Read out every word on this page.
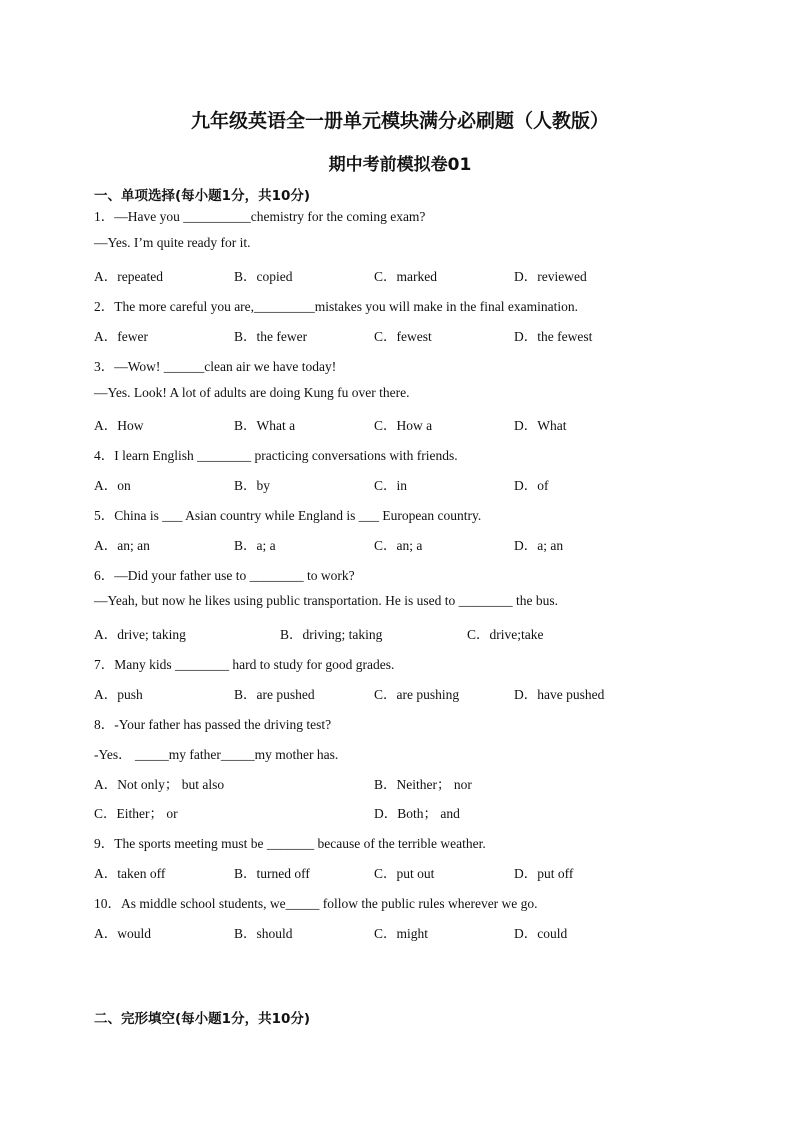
九年级英语全一册单元模块满分必刷题（人教版）
期中考前模拟卷01
一、单项选择(每小题1分，共10分)
1．—Have you __________chemistry for the coming exam?
—Yes. I’m quite ready for it.
A．repeated	B．copied	C．marked	D．reviewed
2．The more careful you are,_________mistakes you will make in the final examination.
A．fewer	B．the fewer	C．fewest	D．the fewest
3．—Wow! ______clean air we have today!
—Yes. Look! A lot of adults are doing Kung fu over there.
A．How	B．What a	C．How a	D．What
4．I learn English ________ practicing conversations with friends.
A．on	B．by	C．in	D．of
5．China is ___ Asian country while England is ___ European country.
A．an; an	B．a; a	C．an; a	D．a; an
6．—Did your father use to ________ to work?
—Yeah, but now he likes using public transportation. He is used to ________ the bus.
A．drive; taking	B．driving; taking	C．drive;take
7．Many kids ________ hard to study for good grades.
A．push	B．are pushed	C．are pushing	D．have pushed
8．-Your father has passed the driving test?
-Yes． _____my father_____my mother has.
A．Not only； but also	B．Neither； nor
C．Either； or	D．Both； and
9．The sports meeting must be _______ because of the terrible weather.
A．taken off	B．turned off	C．put out	D．put off
10．As middle school students, we_____ follow the public rules wherever we go.
A．would	B．should	C．might	D．could
二、完形填空(每小题1分，共10分)
